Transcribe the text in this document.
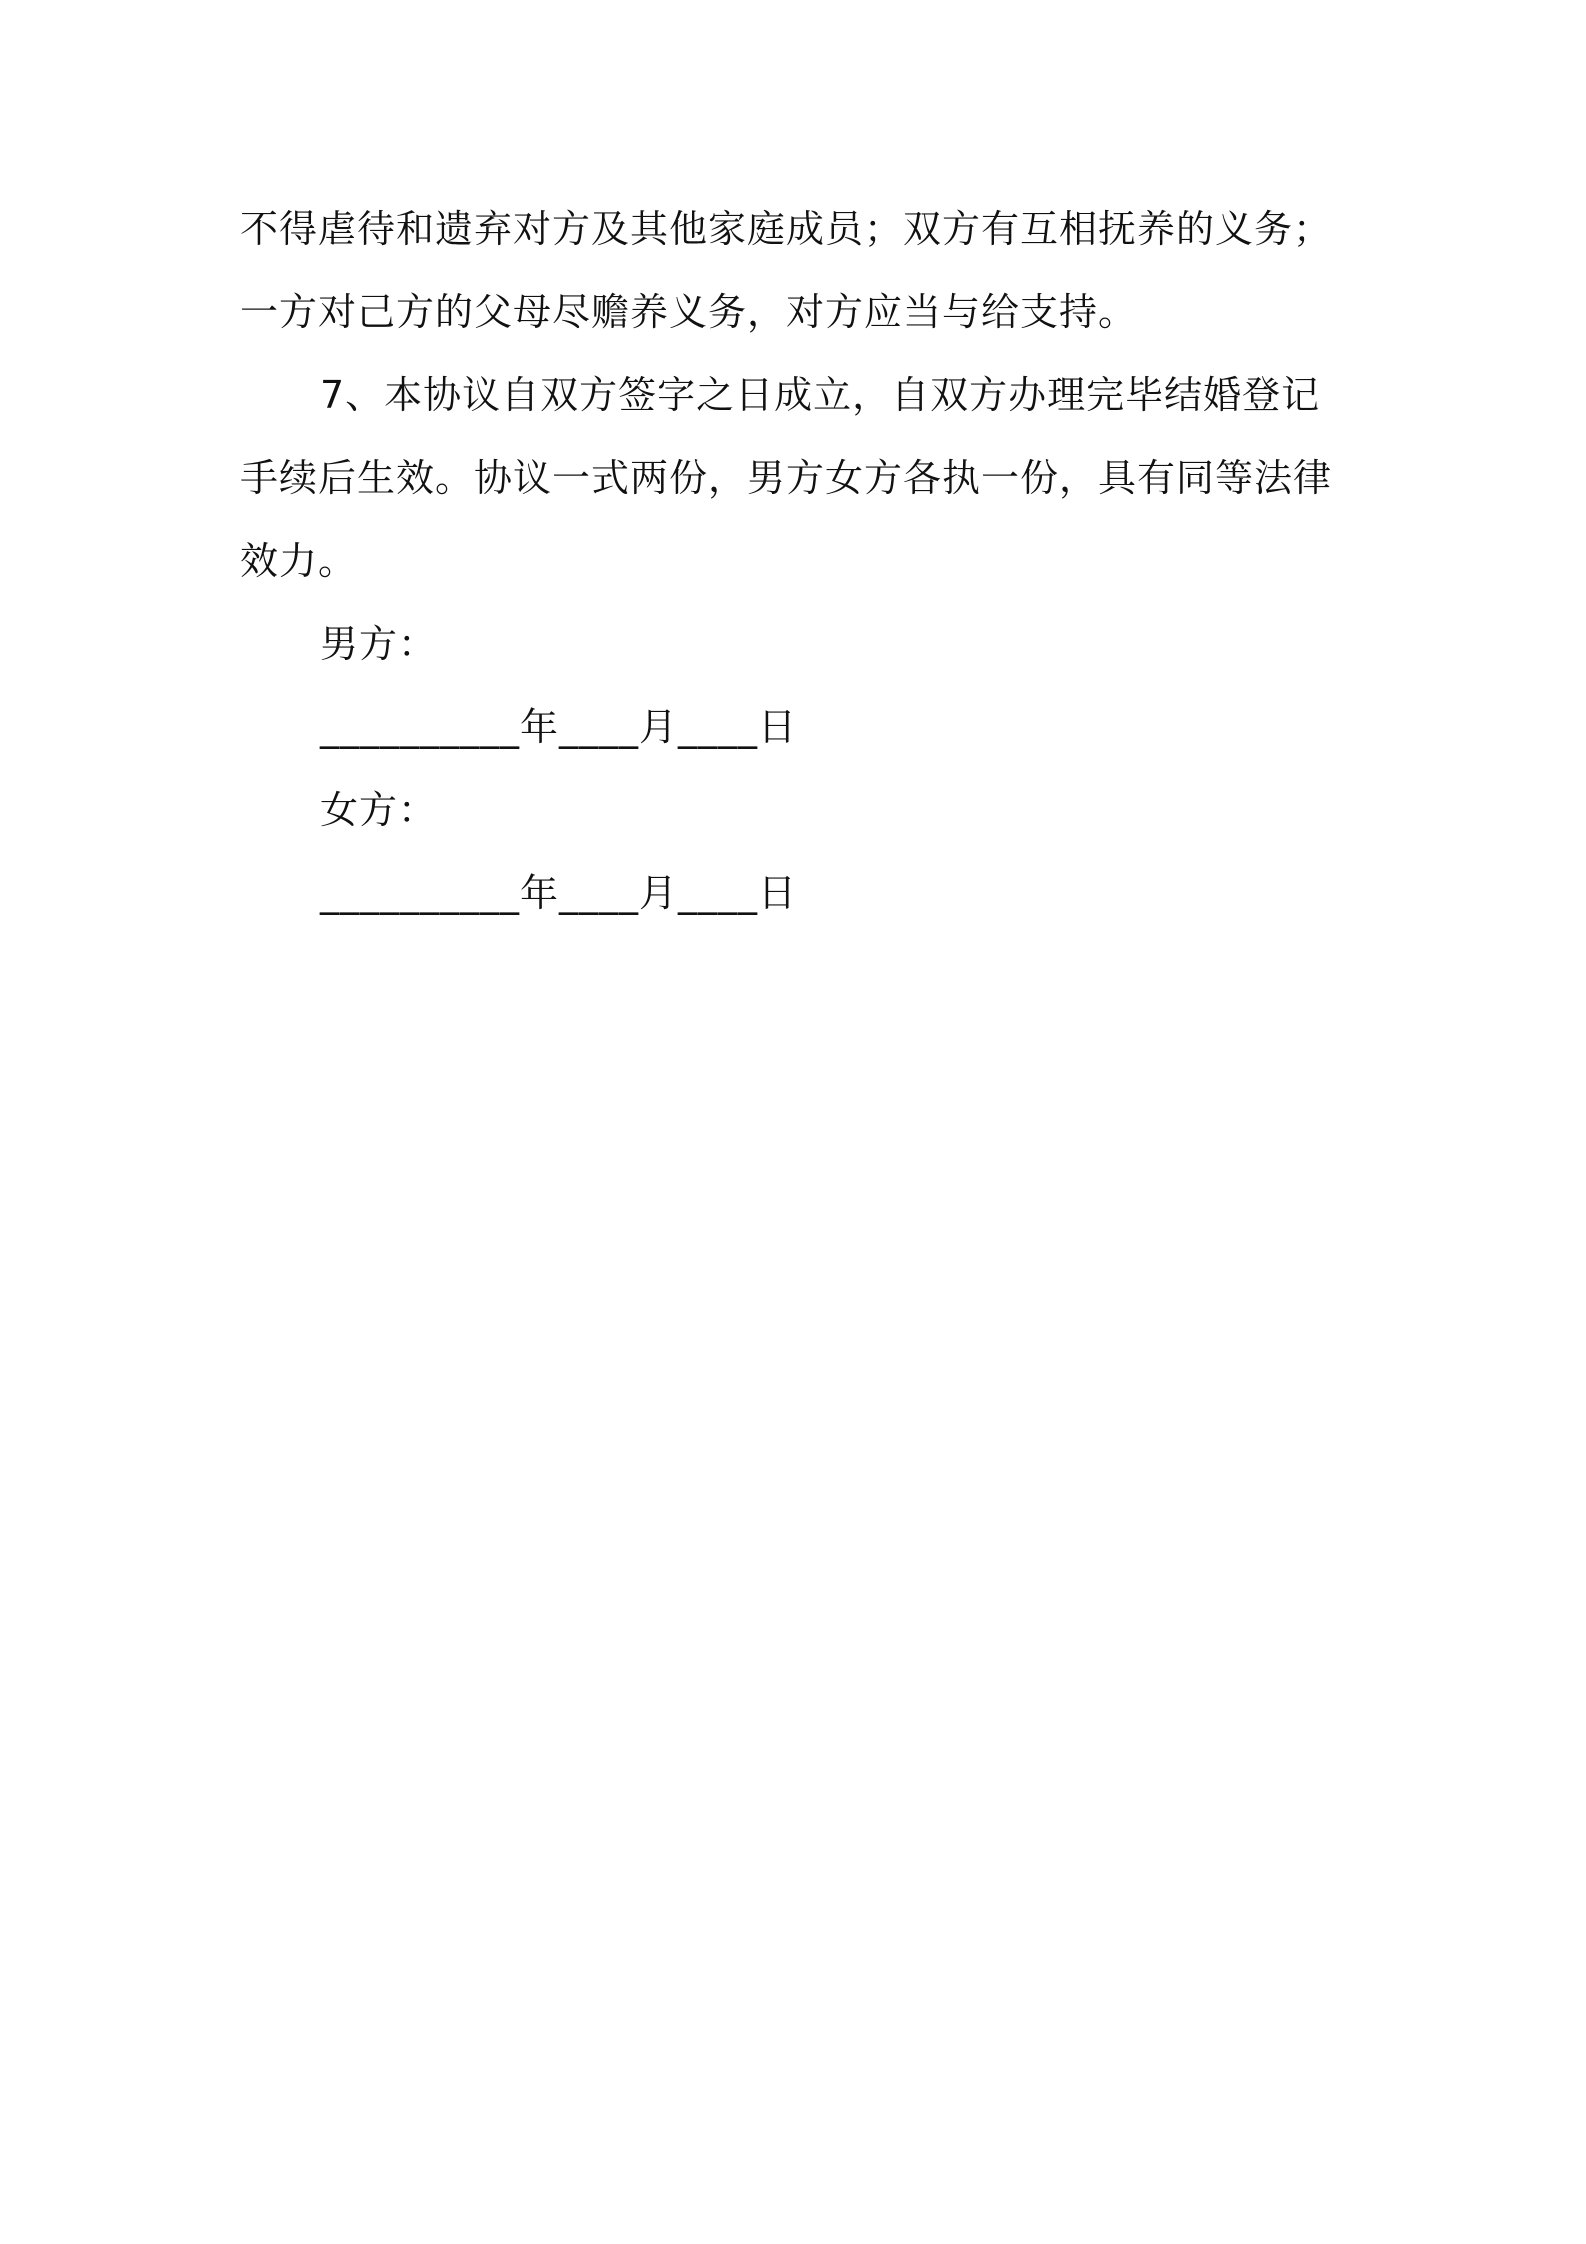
不得虐待和遗弃对方及其他家庭成员；双方有互相抚养的义务；
一方对己方的父母尽赡养义务，对方应当与给支持。
7、本协议自双方签字之日成立，自双方办理完毕结婚登记
手续后生效。协议一式两份，男方女方各执一份，具有同等法律
效力。
男方：
__________年____月____日
女方：
__________年____月____日
